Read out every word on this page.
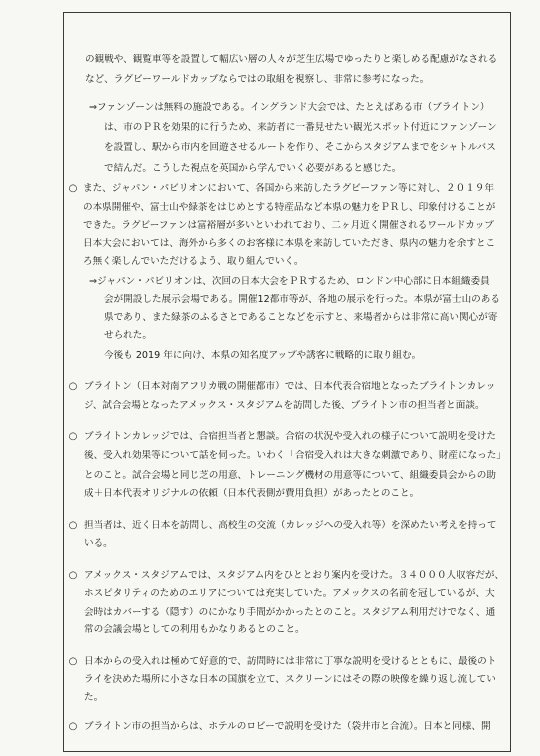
の観戦や、観覧車等を設置して幅広い層の人々が芝生広場でゆったりと楽しめる配慮がなされる
など、ラグビーワールドカップならではの取組を視察し、非常に参考になった。
⇒ファンゾーンは無料の施設である。イングランド大会では、たとえばある市（ブライトン）
は、市のＰＲを効果的に行うため、来訪者に一番見せたい観光スポット付近にファンゾーン
を設置し、駅から市内を回遊させるルートを作り、そこからスタジアムまでをシャトルバス
で結んだ。こうした視点を英国から学んでいく必要があると感じた。
○ また、ジャパン・パビリオンにおいて、各国から来訪したラグビーファン等に対し、２０１９年
の本県開催や、富士山や緑茶をはじめとする特産品など本県の魅力をＰＲし、印象付けることが
できた。ラグビーファンは富裕層が多いといわれており、二ヶ月近く開催されるワールドカップ
日本大会においては、海外から多くのお客様に本県を来訪していただき、県内の魅力を余すとこ
ろ無く楽しんでいただけるよう、取り組んでいく。
⇒ジャパン・パビリオンは、次回の日本大会をＰＲするため、ロンドン中心部に日本組織委員
会が開設した展示会場である。開催12都市等が、各地の展示を行った。本県が富士山のある
県であり、また緑茶のふるさとであることなどを示すと、来場者からは非常に高い関心が寄
せられた。
今後も 2019 年に向け、本県の知名度アップや誘客に戦略的に取り組む。
○ ブライトン（日本対南アフリカ戦の開催都市）では、日本代表合宿地となったブライトンカレッ
ジ、試合会場となったアメックス・スタジアムを訪問した後、ブライトン市の担当者と面談。
○ ブライトンカレッジでは、合宿担当者と懇談。合宿の状況や受入れの様子について説明を受けた
後、受入れ効果等について話を伺った。いわく「合宿受入れは大きな刺激であり、財産になった」
とのこと。試合会場と同じ芝の用意、トレーニング機材の用意等について、組織委員会からの助
成＋日本代表オリジナルの依頼（日本代表側が費用負担）があったとのこと。
○ 担当者は、近く日本を訪問し、高校生の交流（カレッジへの受入れ等）を深めたい考えを持って
いる。
○ アメックス・スタジアムでは、スタジアム内をひととおり案内を受けた。３４０００人収容だが、
ホスピタリティのためのエリアについては充実していた。アメックスの名前を冠しているが、大
会時はカバーする（隠す）のにかなり手間がかかったとのこと。スタジアム利用だけでなく、通
常の会議会場としての利用もかなりあるとのこと。
○ 日本からの受入れは極めて好意的で、訪問時には非常に丁寧な説明を受けるとともに、最後のト
ライを決めた場所に小さな日本の国旗を立て、スクリーンにはその際の映像を繰り返し流してい
た。
○ ブライトン市の担当からは、ホテルのロビーで説明を受けた（袋井市と合流）。日本と同様、開
